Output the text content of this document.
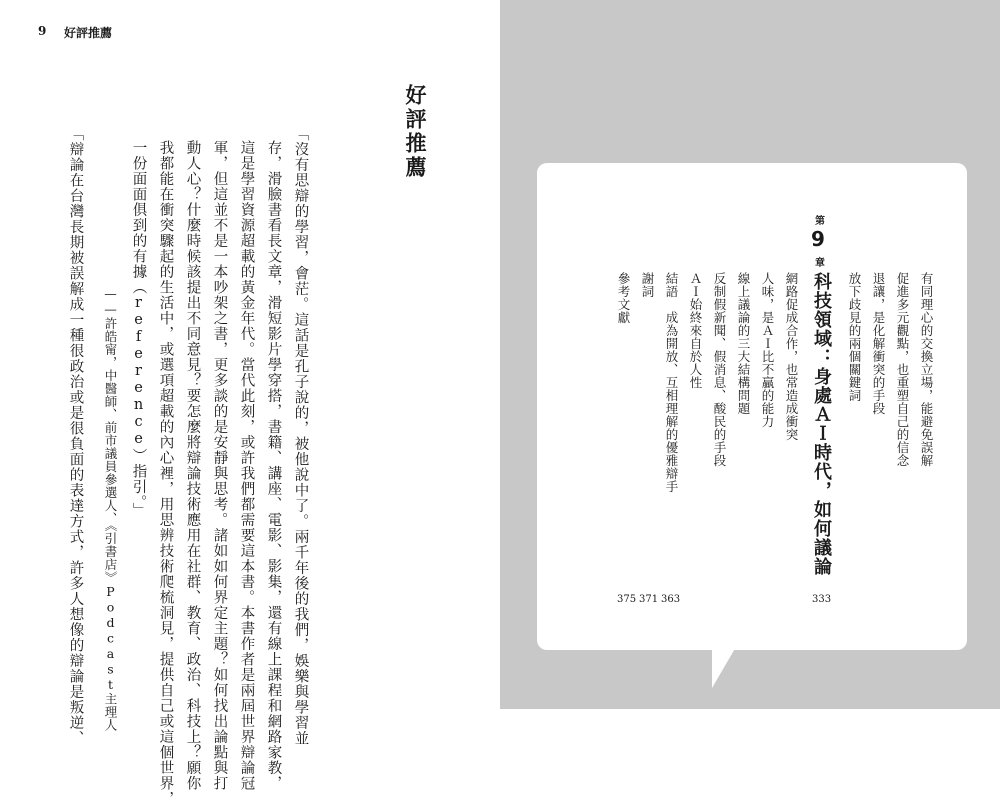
9 好評推薦
好評推薦
「沒有思辯的學習，會茫。這話是孔子說的，被他說中了。兩千年後的我們，娛樂與學習並
存，滑臉書看長文章，滑短影片學穿搭，書籍、講座、電影、影集，還有線上課程和網路家教，
這是學習資源超載的黃金年代。當代此刻，或許我們都需要這本書。本書作者是兩屆世界辯論冠
軍，但這並不是一本吵架之書，更多談的是安靜與思考。諸如如何界定主題？如何找出論點與打
動人心？什麼時候該提出不同意見？要怎麼將辯論技術應用在社群、教育、政治、科技上？願你
我都能在衝突驟起的生活中，或選項超載的內心裡，用思辨技術爬梳洞見，提供自己或這個世界，
一份面面俱到的有據（reference）指引。」
——許皓甯，中醫師、前市議員參選人、《引書店》Podcast主理人
「辯論在台灣長期被誤解成一種很政治或是很負面的表達方式，許多人想像的辯論是叛逆、	有同理心的交換立場，能避免誤解
促進多元觀點，也重塑自己的信念
退讓，是化解衝突的手段
放下歧見的兩個關鍵詞
第
9
章
科技領域：身處ＡＩ時代，如何議論
333
網路促成合作，也常造成衝突
人味，是ＡＩ比不贏的能力
線上議論的三大結構問題
反制假新聞、假消息、酸民的手段
ＡＩ始終來自於人性
結語　成為開放、互相理解的優雅辯手
謝詞
參考文獻
363
371
375
